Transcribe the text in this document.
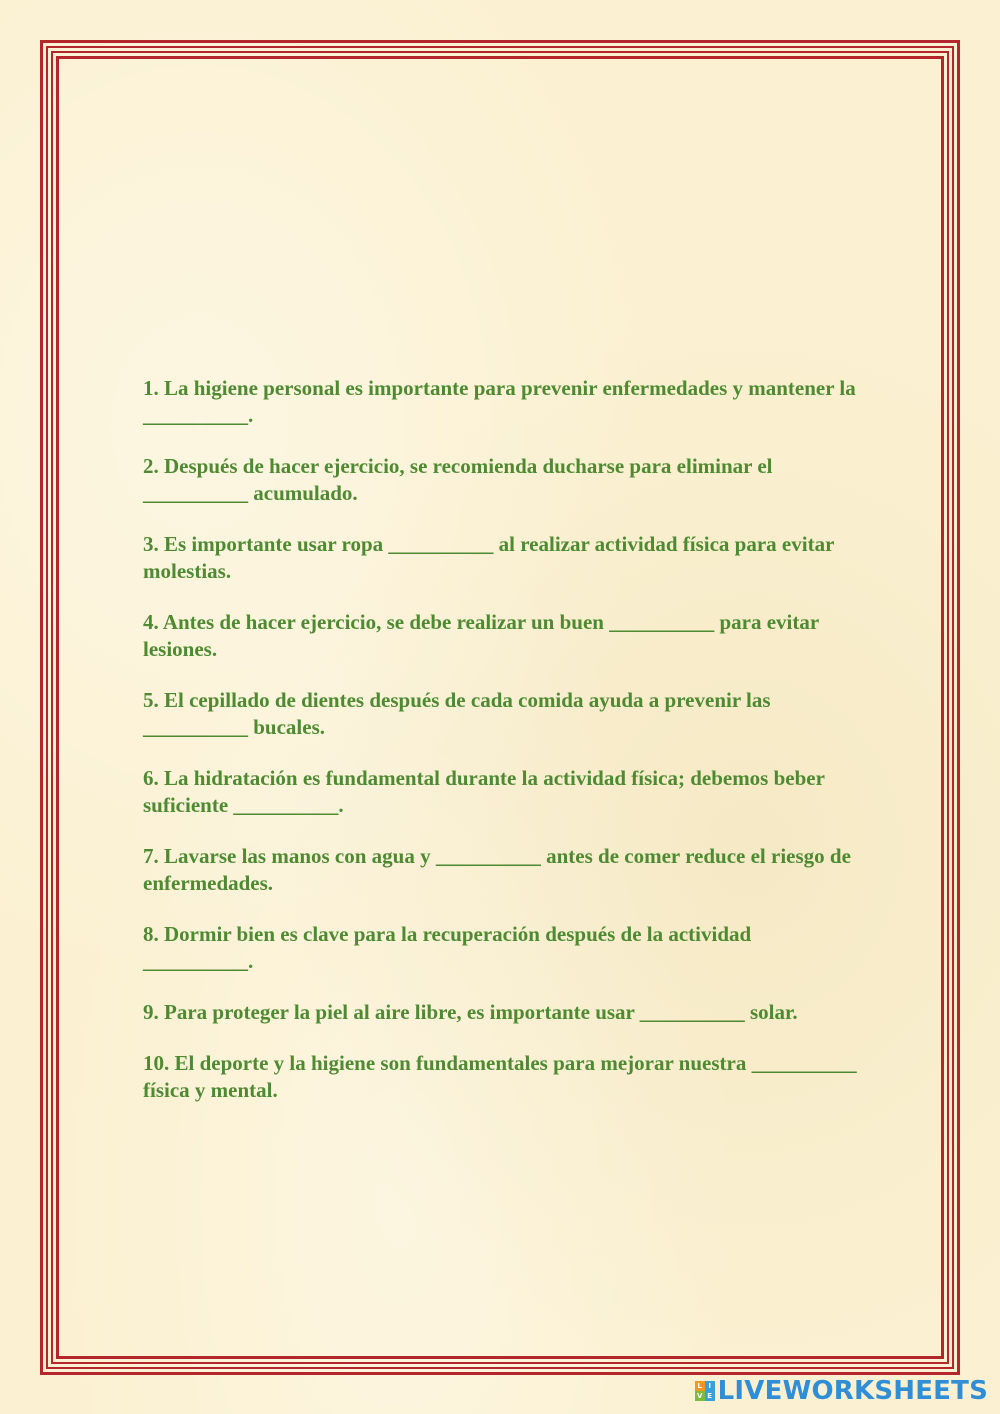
1. La higiene personal es importante para prevenir enfermedades y mantener la __________.
2. Después de hacer ejercicio, se recomienda ducharse para eliminar el __________ acumulado.
3. Es importante usar ropa __________ al realizar actividad física para evitar molestias.
4. Antes de hacer ejercicio, se debe realizar un buen __________ para evitar lesiones.
5. El cepillado de dientes después de cada comida ayuda a prevenir las __________ bucales.
6. La hidratación es fundamental durante la actividad física; debemos beber suficiente __________.
7. Lavarse las manos con agua y __________ antes de comer reduce el riesgo de enfermedades.
8. Dormir bien es clave para la recuperación después de la actividad __________.
9. Para proteger la piel al aire libre, es importante usar __________ solar.
10. El deporte y la higiene son fundamentales para mejorar nuestra __________ física y mental.
L I
V E LIVEWORKSHEETS
